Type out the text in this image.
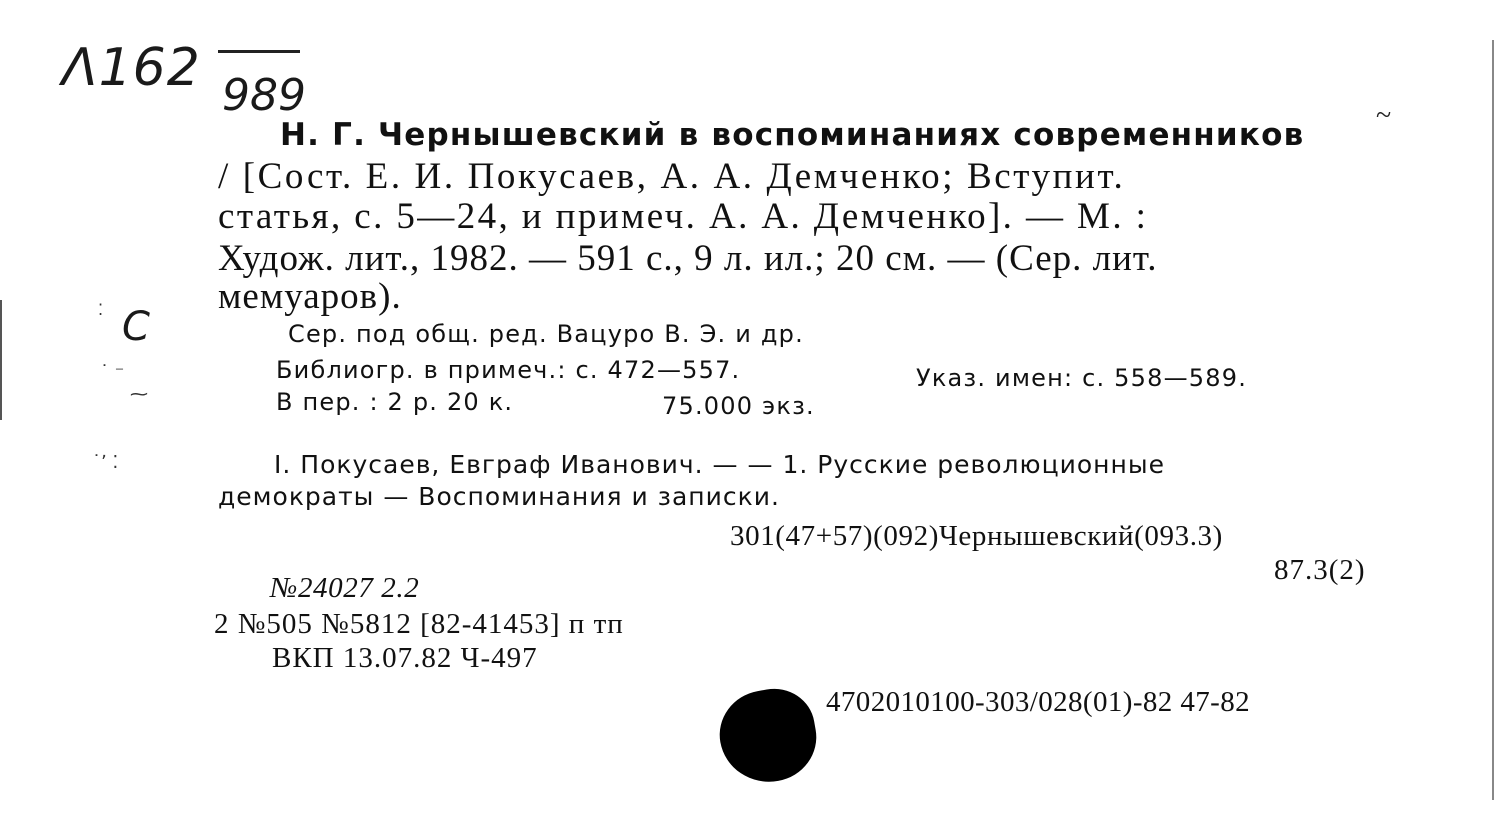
Λ162 989	~
С
⁚
˙ ⁻
⁓
˙ʼ ⁚
Н. Г. Чернышевский в воспоминаниях современников
/ [Сост. Е. И. Покусаев, А. А. Демченко; Вступит.
статья, с. 5—24, и примеч. А. А. Демченко]. — М. :
Худож. лит., 1982. — 591 с., 9 л. ил.; 20 см. — (Сер. лит.
мемуаров).
Сер. под общ. ред. Вацуро В. Э. и др.
Библиогр. в примеч.: с. 472—557.	Указ. имен: с. 558—589.
В пер. : 2 р. 20 к.	75.000 экз.
I. Покусаев, Евграф Иванович. — — 1. Русские революционные
демократы — Воспоминания и записки.
301(47+57)(092)Чернышевский(093.3)
87.3(2)
№24027 2.2
2 №505 №5812 [82-41453] п тп
ВКП 13.07.82 Ч-497
4702010100-303/028(01)-82 47-82
